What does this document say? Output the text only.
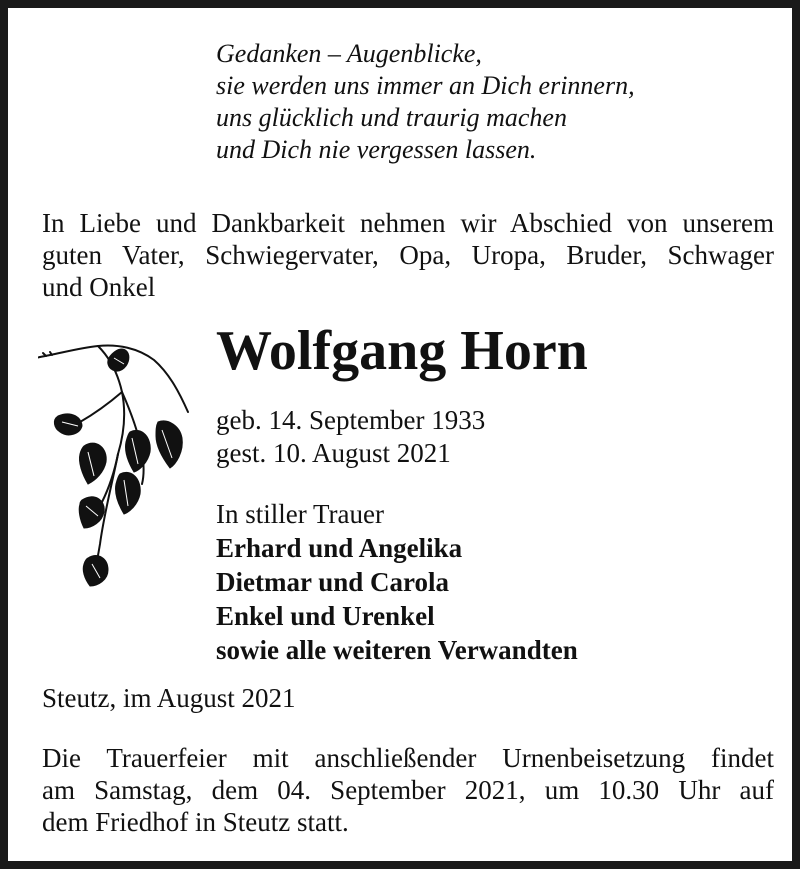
Gedanken – Augenblicke,
sie werden uns immer an Dich erinnern,
uns glücklich und traurig machen
und Dich nie vergessen lassen.
In Liebe und Dankbarkeit nehmen wir Abschied von unserem
guten Vater, Schwiegervater, Opa, Uropa, Bruder, Schwager
und Onkel
Wolfgang Horn
geb. 14. September 1933
gest. 10. August 2021
In stiller Trauer
Erhard und Angelika
Dietmar und Carola
Enkel und Urenkel
sowie alle weiteren Verwandten
Steutz, im August 2021
Die Trauerfeier mit anschließender Urnenbeisetzung findet
am Samstag, dem 04. September 2021, um 10.30 Uhr auf
dem Friedhof in Steutz statt.
